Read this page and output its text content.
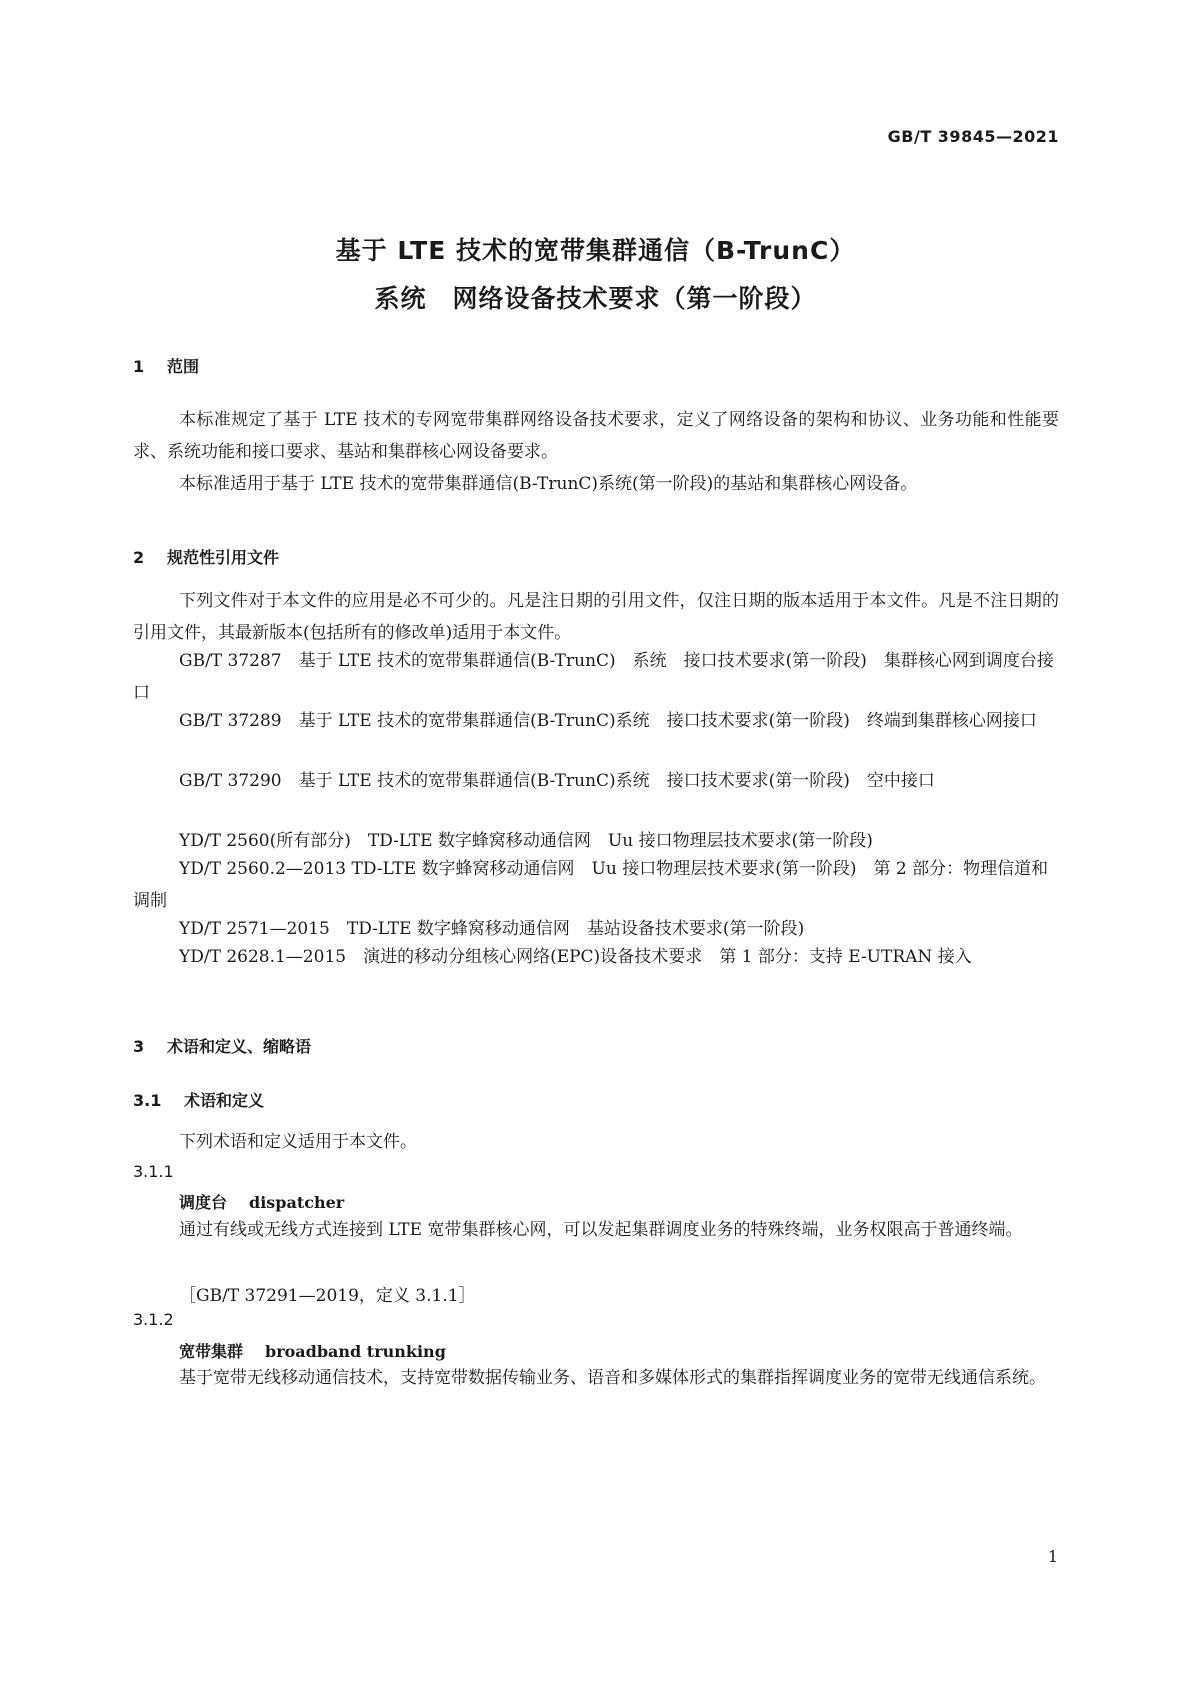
GB/T 39845—2021
基于 LTE 技术的宽带集群通信（B-TrunC）
系统　网络设备技术要求（第一阶段）
1 范围

本标准规定了基于 LTE 技术的专网宽带集群网络设备技术要求，定义了网络设备的架构和协议、业务功能和性能要求、系统功能和接口要求、基站和集群核心网设备要求。

本标准适用于基于 LTE 技术的宽带集群通信(B-TrunC)系统(第一阶段)的基站和集群核心网设备。

2 规范性引用文件

下列文件对于本文件的应用是必不可少的。凡是注日期的引用文件，仅注日期的版本适用于本文件。凡是不注日期的引用文件，其最新版本(包括所有的修改单)适用于本文件。

GB/T 37287　基于 LTE 技术的宽带集群通信(B-TrunC)　系统　接口技术要求(第一阶段)　集群核心网到调度台接口

GB/T 37289　基于 LTE 技术的宽带集群通信(B-TrunC)系统　接口技术要求(第一阶段)　终端到集群核心网接口

GB/T 37290　基于 LTE 技术的宽带集群通信(B-TrunC)系统　接口技术要求(第一阶段)　空中接口

YD/T 2560(所有部分)　TD-LTE 数字蜂窝移动通信网　Uu 接口物理层技术要求(第一阶段)

YD/T 2560.2—2013 TD-LTE 数字蜂窝移动通信网　Uu 接口物理层技术要求(第一阶段)　第 2 部分：物理信道和调制

YD/T 2571—2015　TD-LTE 数字蜂窝移动通信网　基站设备技术要求(第一阶段)

YD/T 2628.1—2015　演进的移动分组核心网络(EPC)设备技术要求　第 1 部分：支持 E-UTRAN 接入

3 术语和定义、缩略语
3.1 术语和定义

下列术语和定义适用于本文件。

3.1.1
调度台 dispatcher

通过有线或无线方式连接到 LTE 宽带集群核心网，可以发起集群调度业务的特殊终端，业务权限高于普通终端。

［GB/T 37291—2019，定义 3.1.1］
3.1.2
宽带集群 broadband trunking

基于宽带无线移动通信技术，支持宽带数据传输业务、语音和多媒体形式的集群指挥调度业务的宽带无线通信系统。

1
